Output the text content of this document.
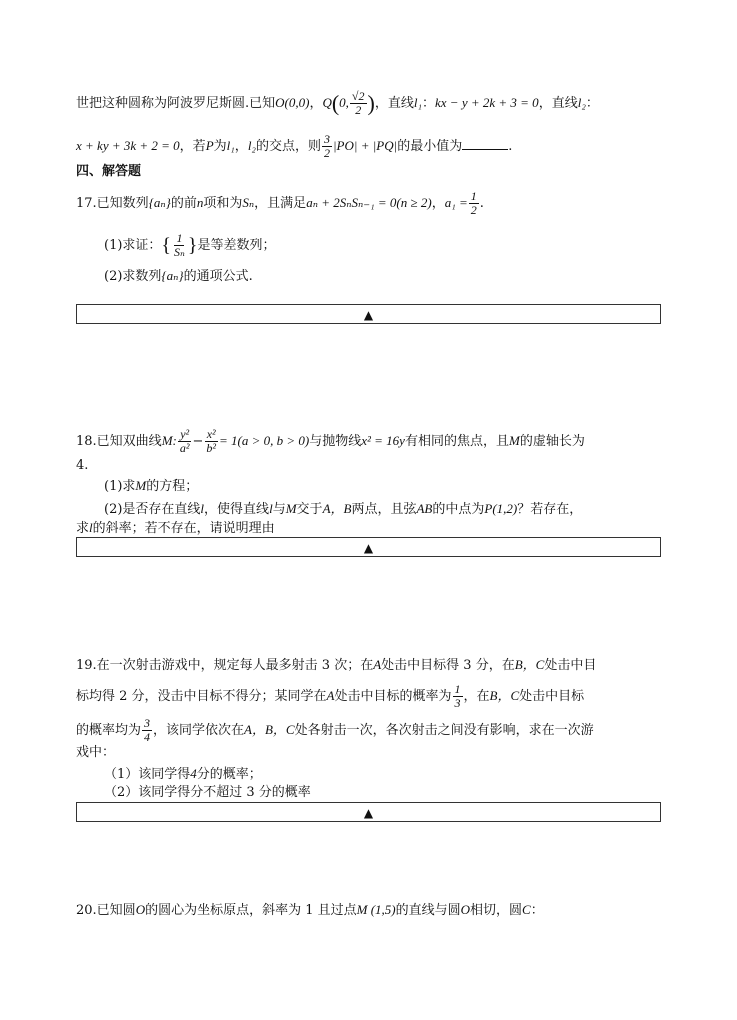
世把这种圆称为阿波罗尼斯圆.已知O(0,0)，Q(0, $\frac{√2}{2}$ )，直线l₁：kx − y + 2k + 3 = 0，直线l₂：
x + ky + 3k + 2 = 0，若P为l₁，l₂的交点，则 $\frac{3}{2} |PO| + |PQ|$的最小值为	.
四、解答题
17.已知数列{aₙ}的前n项和为Sₙ，且满足aₙ + 2SₙSₙ₋₁ = 0(n ≥ 2)，$a_1 = \frac{1}{2}$ .
(1)求证：{ $\frac{1}{\text{Sₙ}}$ }是等差数列；
(2)求数列{aₙ}的通项公式.
▲
18.已知双曲线M: $\frac{\text{y²}}{\text{a²}} - \frac{\text{x²}}{\text{b²}} = 1(a > 0$, b > 0)与抛物线x² = 16y有相同的焦点，且M的虚轴长为
4.
(1)求M的方程；
(2)是否存在直线l，使得直线l与M交于A，B两点，且弦AB的中点为P(1,2)？若存在，
求l的斜率；若不存在，请说明理由
▲
19.在一次射击游戏中，规定每人最多射击 3 次；在A处击中目标得 3 分，在B，C处击中目
标均得 2 分，没击中目标不得分；某同学在A处击中目标的概率为 $\frac{1}{3}$ ，在B，C处击中目标
的概率均为 $\frac{3}{4}$ ，该同学依次在A，B，C处各射击一次，各次射击之间没有影响，求在一次游
戏中：
（1）该同学得4分的概率；
（2）该同学得分不超过 3 分的概率
▲
20.已知圆O的圆心为坐标原点，斜率为 1 且过点M (1,5)的直线与圆O相切，圆C：
